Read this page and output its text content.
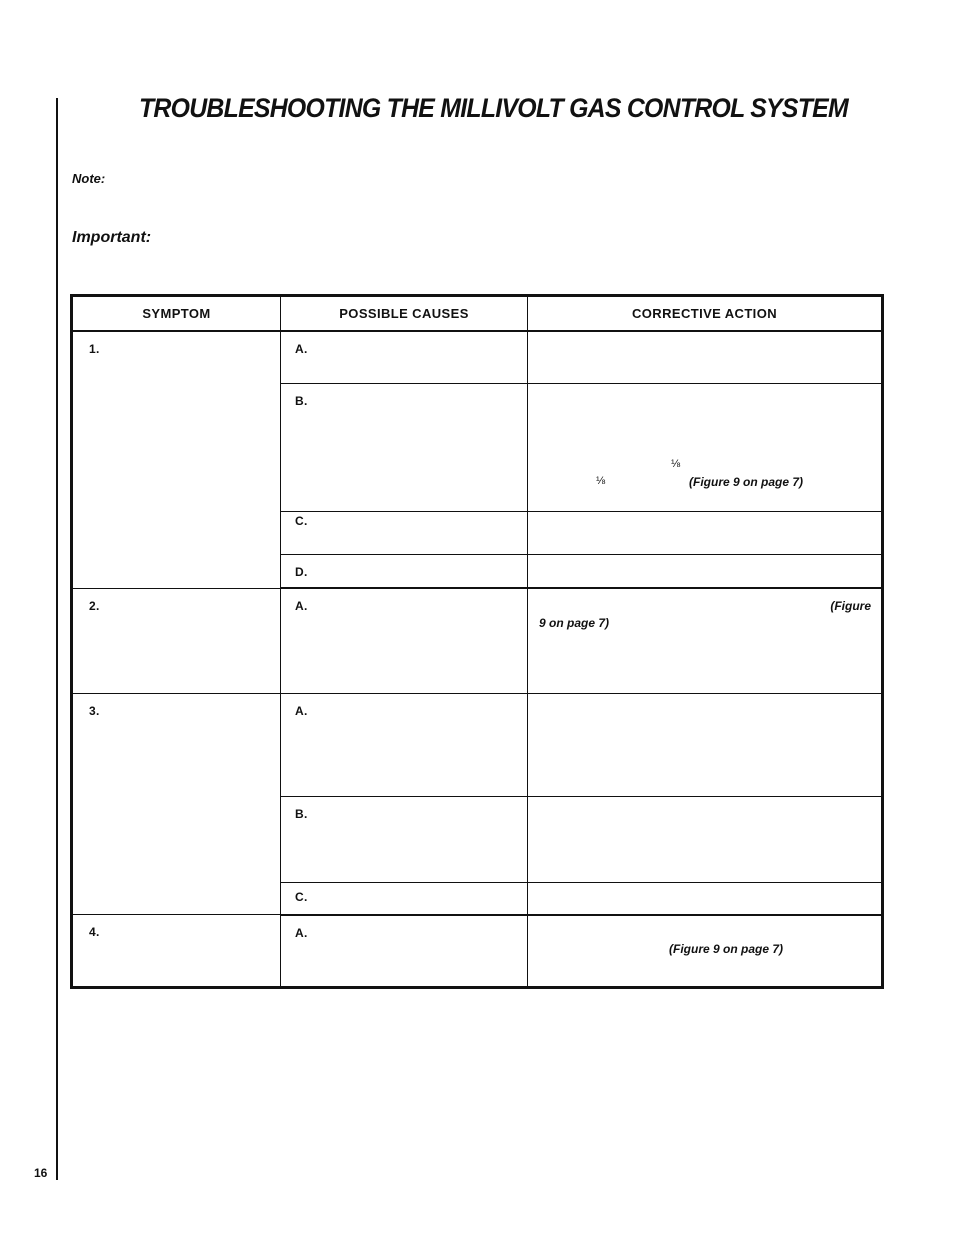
TROUBLESHOOTING THE MILLIVOLT GAS CONTROL SYSTEM
Note:
Important:
SYMPTOM	POSSIBLE CAUSES	CORRECTIVE ACTION

1.	A.	

	B.	⅛
⅛ (Figure 9 on page 7)

	C.	

	D.	

2.	A.	(Figure
9 on page 7)

3.	A.	

	B.	

	C.	

4.	A.	(Figure 9 on page 7)
16
